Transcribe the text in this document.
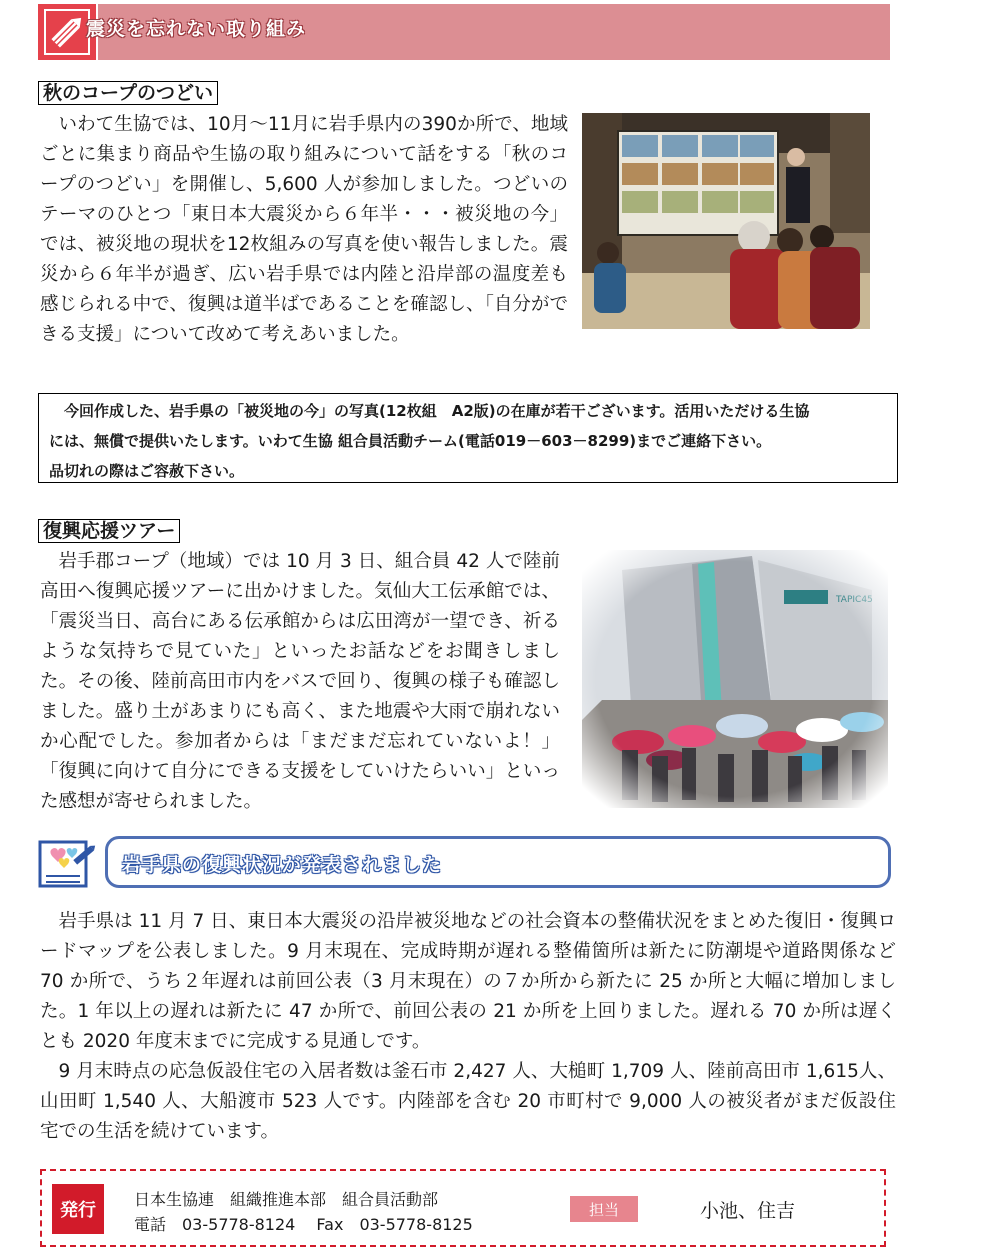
震災を忘れない取り組み
秋のコープのつどい

いわて生協では、10月～11月に岩手県内の390か所で、地域ごとに集まり商品や生協の取り組みについて話をする「秋のコープのつどい」を開催し、5,600 人が参加しました。つどいのテーマのひとつ「東日本大震災から６年半・・・被災地の今」では、被災地の現状を12枚組みの写真を使い報告しました。震災から６年半が過ぎ、広い岩手県では内陸と沿岸部の温度差も感じられる中で、復興は道半ばであることを確認し、「自分ができる支援」について改めて考えあいました。

今回作成した、岩手県の「被災地の今」の写真(12枚組　A2版)の在庫が若干ございます。活用いただける生協
には、無償で提供いたします。いわて生協 組合員活動チーム(電話019－603－8299)までご連絡下さい。
品切れの際はご容赦下さい。
復興応援ツアー

岩手郡コープ（地域）では 10 月 3 日、組合員 42 人で陸前高田へ復興応援ツアーに出かけました。気仙大工伝承館では、「震災当日、高台にある伝承館からは広田湾が一望でき、祈るような気持ちで見ていた」といったお話などをお聞きしました。その後、陸前高田市内をバスで回り、復興の様子も確認しました。盛り土があまりにも高く、また地震や大雨で崩れないか心配でした。参加者からは「まだまだ忘れていないよ！」「復興に向けて自分にできる支援をしていけたらいい」といった感想が寄せられました。

岩手県の復興状況が発表されました

岩手県は 11 月 7 日、東日本大震災の沿岸被災地などの社会資本の整備状況をまとめた復旧・復興ロードマップを公表しました。9 月末現在、完成時期が遅れる整備箇所は新たに防潮堤や道路関係など 70 か所で、うち２年遅れは前回公表（3 月末現在）の７か所から新たに 25 か所と大幅に増加しました。1 年以上の遅れは新たに 47 か所で、前回公表の 21 か所を上回りました。遅れる 70 か所は遅くとも 2020 年度末までに完成する見通しです。

9 月末時点の応急仮設住宅の入居者数は釜石市 2,427 人、大槌町 1,709 人、陸前高田市 1,615人、山田町 1,540 人、大船渡市 523 人です。内陸部を含む 20 市町村で 9,000 人の被災者がまだ仮設住宅での生活を続けています。

発行
日本生協連　組織推進本部　組合員活動部
電話　03-5778-8124　 Fax　03-5778-8125
担当	小池、住吉
